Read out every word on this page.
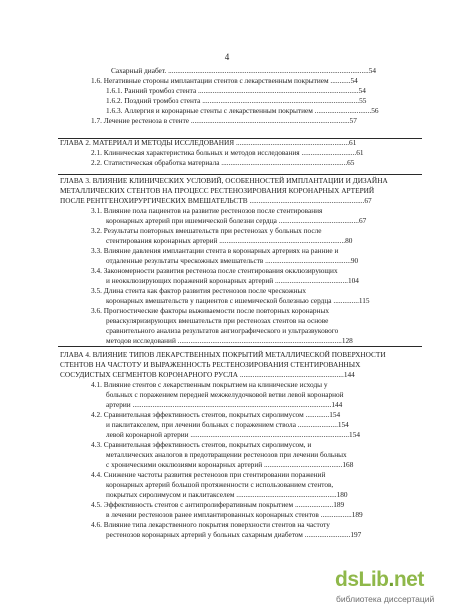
4
Сахарный диабет. ..............................................................................................................54
1.6. Негативные стороны имплантации стентов с лекарственным покрытием ...........54
1.6.1. Ранний тромбоз стента ........................................................................................54
1.6.2. Поздний тромбоз стента ......................................................................................55
1.6.3. Аллергия и коронарные стенты с лекарственным покрытием ...............................56
1.7. Лечение рестеноза в стенте .......................................................................................57
ГЛАВА 2. МАТЕРИАЛ И МЕТОДЫ ИССЛЕДОВАНИЯ ..............................................................61
2.1. Клиническая характеристика больных и методов исследования ..............................61
2.2. Статистическая обработка материала .....................................................................65
ГЛАВА 3. ВЛИЯНИЕ КЛИНИЧЕСКИХ УСЛОВИЙ, ОСОБЕННОСТЕЙ ИМПЛАНТАЦИИ И ДИЗАЙНА
МЕТАЛЛИЧЕСКИХ СТЕНТОВ НА ПРОЦЕСС РЕСТЕНОЗИРОВАНИЯ КОРОНАРНЫХ АРТЕРИЙ
ПОСЛЕ РЕНТГЕНОХИРУРГИЧЕСКИХ ВМЕШАТЕЛЬСТВ ...............................................................67
3.1. Влияние пола пациентов на развитие рестенозов после стентирования
коронарных артерий при ишемической болезни сердца ............................................67
3.2. Результаты повторных вмешательств при рестенозах у больных после
стентирования коронарных артерий .....................................................................80
3.3. Влияние давления имплантации стента в коронарных артериях на ранние и
отдаленные результаты чрескожных вмешательств ...............................................90
3.4. Закономерности развития рестеноза после стентирования окклюзирующих
и неокклюзирующих поражений коронарных артерий ........................................104
3.5. Длина стента как фактор развития рестенозов после чрескожных
коронарных вмешательств у пациентов с ишемической болезнью сердца ..............115
3.6. Прогностические факторы выживаемости после повторных коронарных
реваскуляризирующих вмешательств при рестенозах стентов на основе
сравнительного анализа результатов ангиографического и ультразвукового
методов исследований ..........................................................................................128
ГЛАВА 4. ВЛИЯНИЕ ТИПОВ ЛЕКАРСТВЕННЫХ ПОКРЫТИЙ МЕТАЛЛИЧЕСКОЙ ПОВЕРХНОСТИ
СТЕНТОВ НА ЧАСТОТУ И ВЫРАЖЕННОСТЬ РЕСТЕНОЗИРОВАНИЯ СТЕНТИРОВАННЫХ
СОСУДИСТЫХ СЕГМЕНТОВ КОРОНАРНОГО РУСЛА .........................................................144
4.1. Влияние стентов с лекарственным покрытием на клинические исходы у
больных с поражением передней межжелудочковой ветви левой коронарной
артерии .............................................................................................................144
4.2. Сравнительная эффективность стентов, покрытых сиролимусом .............154
и паклитакселем, при лечении больных с поражением ствола ......................154
левой коронарной артерии .......................................................................................154
4.3. Сравнительная эффективность стентов, покрытых сиролимусом, и
металлических аналогов в предотвращении рестенозов при лечении больных
с хроническими окклюзиями коронарных артерий ...........................................168
4.4. Снижение частоты развития рестенозов при стентировании поражений
коронарных артерий большой протяженности с использованием стентов,
покрытых сиролимусом и паклитакселем .......................................................180
4.5. Эффективность стентов с антипролиферативным покрытием .....................189
в лечении рестенозов ранее имплантированных коронарных стентов .................189
4.6. Влияние типа лекарственного покрытия поверхности стентов на частоту
рестенозов коронарных артерий у больных сахарным диабетом .........................197
dsLib.net
библиотека диссертаций
